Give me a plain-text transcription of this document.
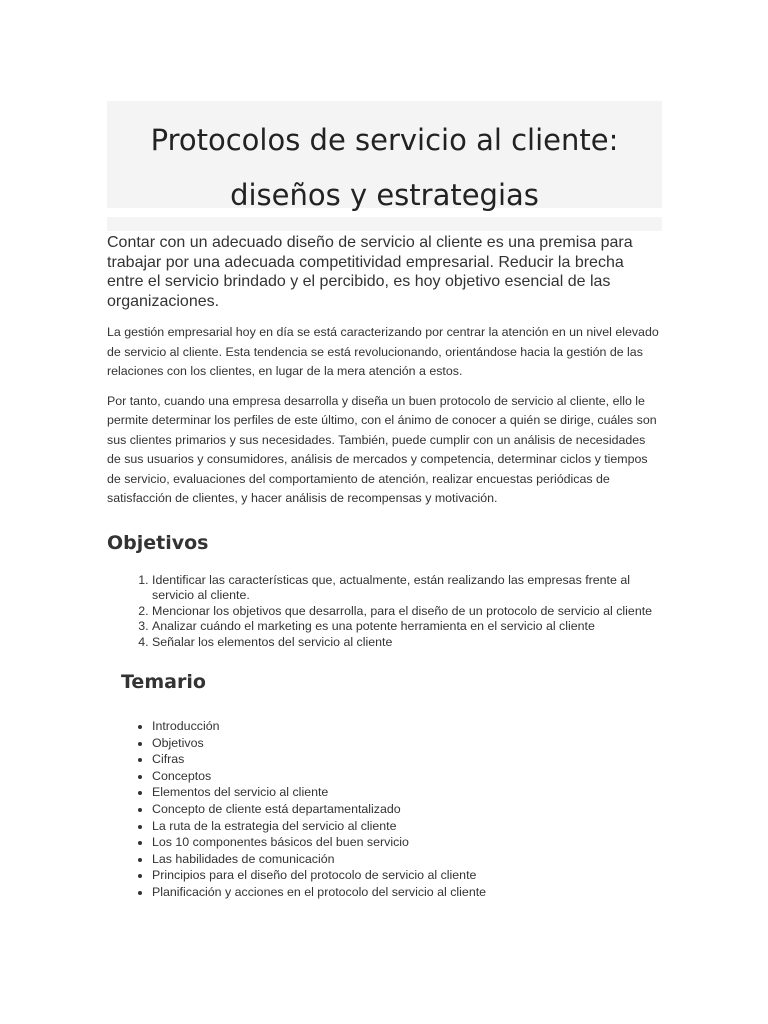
Protocolos de servicio al cliente:
diseños y estrategias

Contar con un adecuado diseño de servicio al cliente es una premisa para trabajar por una adecuada competitividad empresarial. Reducir la brecha entre el servicio brindado y el percibido, es hoy objetivo esencial de las organizaciones.

La gestión empresarial hoy en día se está caracterizando por centrar la atención en un nivel elevado de servicio al cliente. Esta tendencia se está revolucionando, orientándose hacia la gestión de las relaciones con los clientes, en lugar de la mera atención a estos.

Por tanto, cuando una empresa desarrolla y diseña un buen protocolo de servicio al cliente, ello le permite determinar los perfiles de este último, con el ánimo de conocer a quién se dirige, cuáles son sus clientes primarios y sus necesidades. También, puede cumplir con un análisis de necesidades de sus usuarios y consumidores, análisis de mercados y competencia, determinar ciclos y tiempos de servicio, evaluaciones del comportamiento de atención, realizar encuestas periódicas de satisfacción de clientes, y hacer análisis de recompensas y motivación.

Objetivos
1. Identificar las características que, actualmente, están realizando las empresas frente al servicio al cliente.
2. Mencionar los objetivos que desarrolla, para el diseño de un protocolo de servicio al cliente
3. Analizar cuándo el marketing es una potente herramienta en el servicio al cliente
4. Señalar los elementos del servicio al cliente
Temario
• Introducción
• Objetivos
• Cifras
• Conceptos
• Elementos del servicio al cliente
• Concepto de cliente está departamentalizado
• La ruta de la estrategia del servicio al cliente
• Los 10 componentes básicos del buen servicio
• Las habilidades de comunicación
• Principios para el diseño del protocolo de servicio al cliente
• Planificación y acciones en el protocolo del servicio al cliente
